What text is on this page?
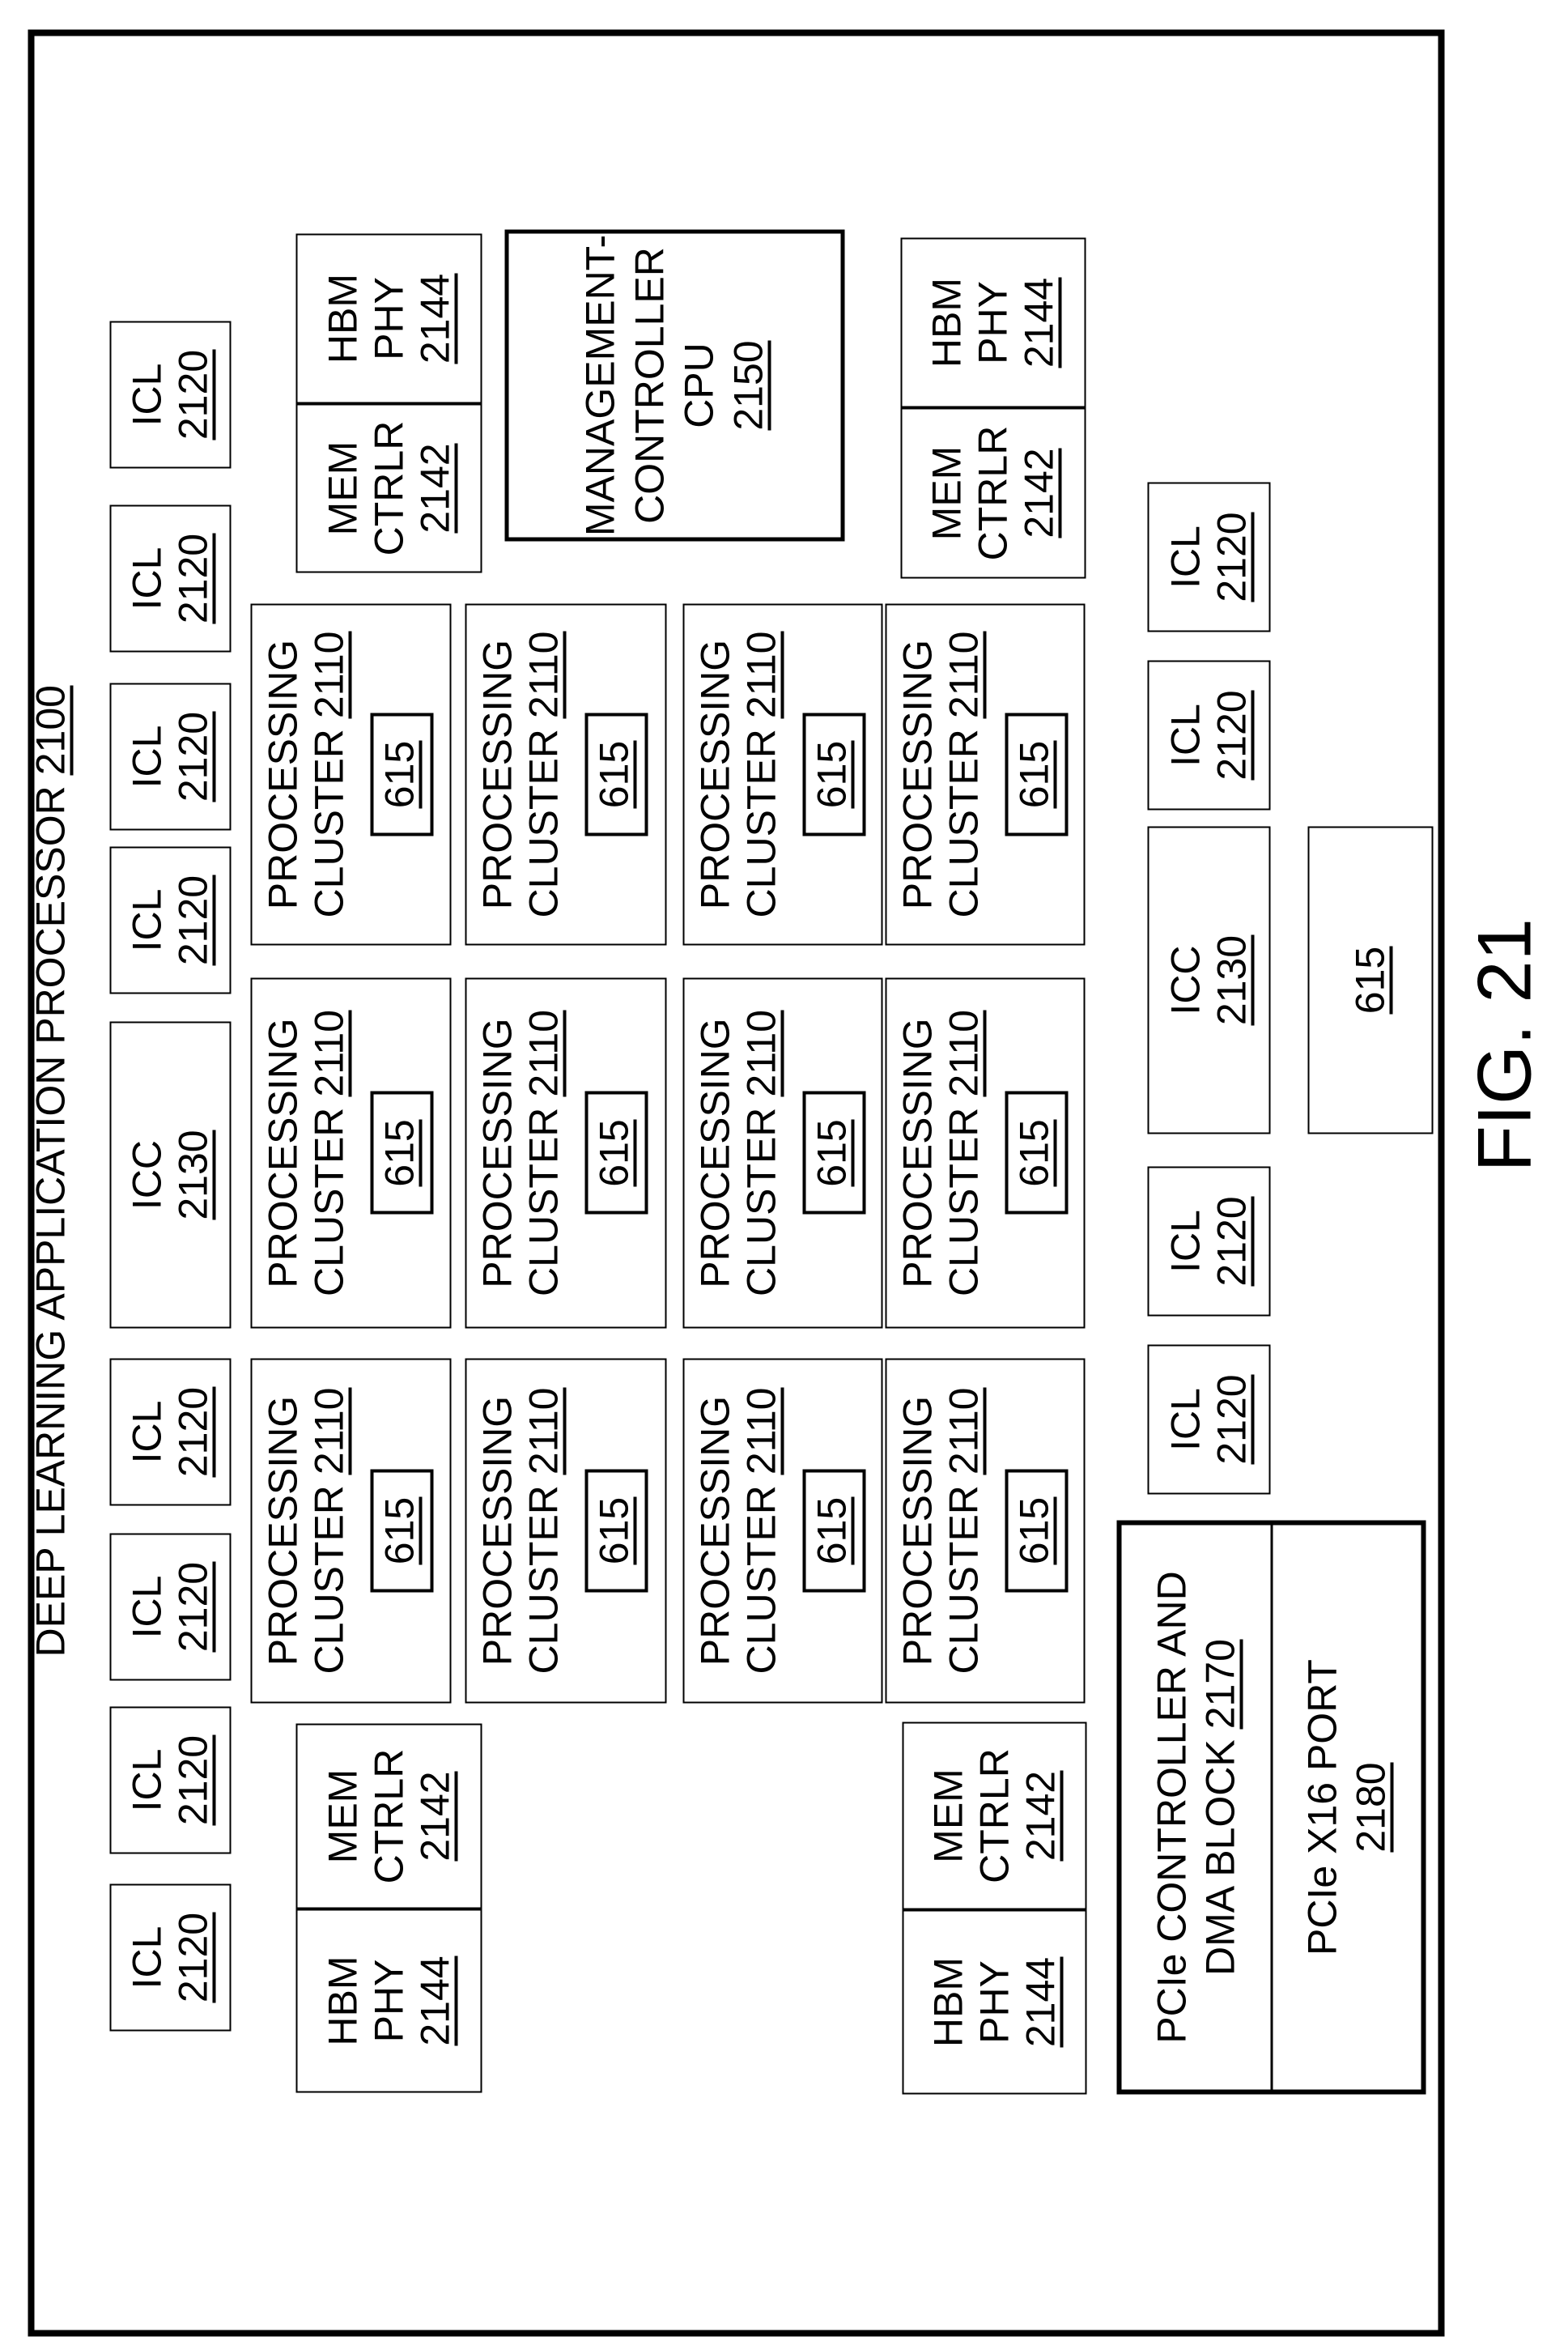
DEEP LEARNING APPLICATION PROCESSOR2100
ICL 2120
ICL 2120
ICL 2120
ICL 2120
ICC 2130
ICL 2120
ICL 2120
ICL 2120
ICL 2120
HBM PHY 2144
MEM CTRLR 2142
MEM CTRLR 2142
HBM PHY 2144
HBM PHY 2144
MEM CTRLR 2142
MEM CTRLR 2142
HBM PHY 2144
MANAGEMENT- CONTROLLER CPU 2150
PROCESSING CLUSTER2110
615 PROCESSING CLUSTER2110
615 PROCESSING CLUSTER2110
615 PROCESSING CLUSTER2110
615
PROCESSING CLUSTER2110
615 PROCESSING CLUSTER2110
615 PROCESSING CLUSTER2110
615 PROCESSING CLUSTER2110
615
PROCESSING CLUSTER2110
615 PROCESSING CLUSTER2110
615 PROCESSING CLUSTER2110
615 PROCESSING CLUSTER2110
615
ICL 2120
ICL 2120
ICC 2130
ICL 2120
ICL 2120
615
PCIe CONTROLLER AND DMA BLOCK2170 PCIe X16 PORT 2180
FIG. 21
